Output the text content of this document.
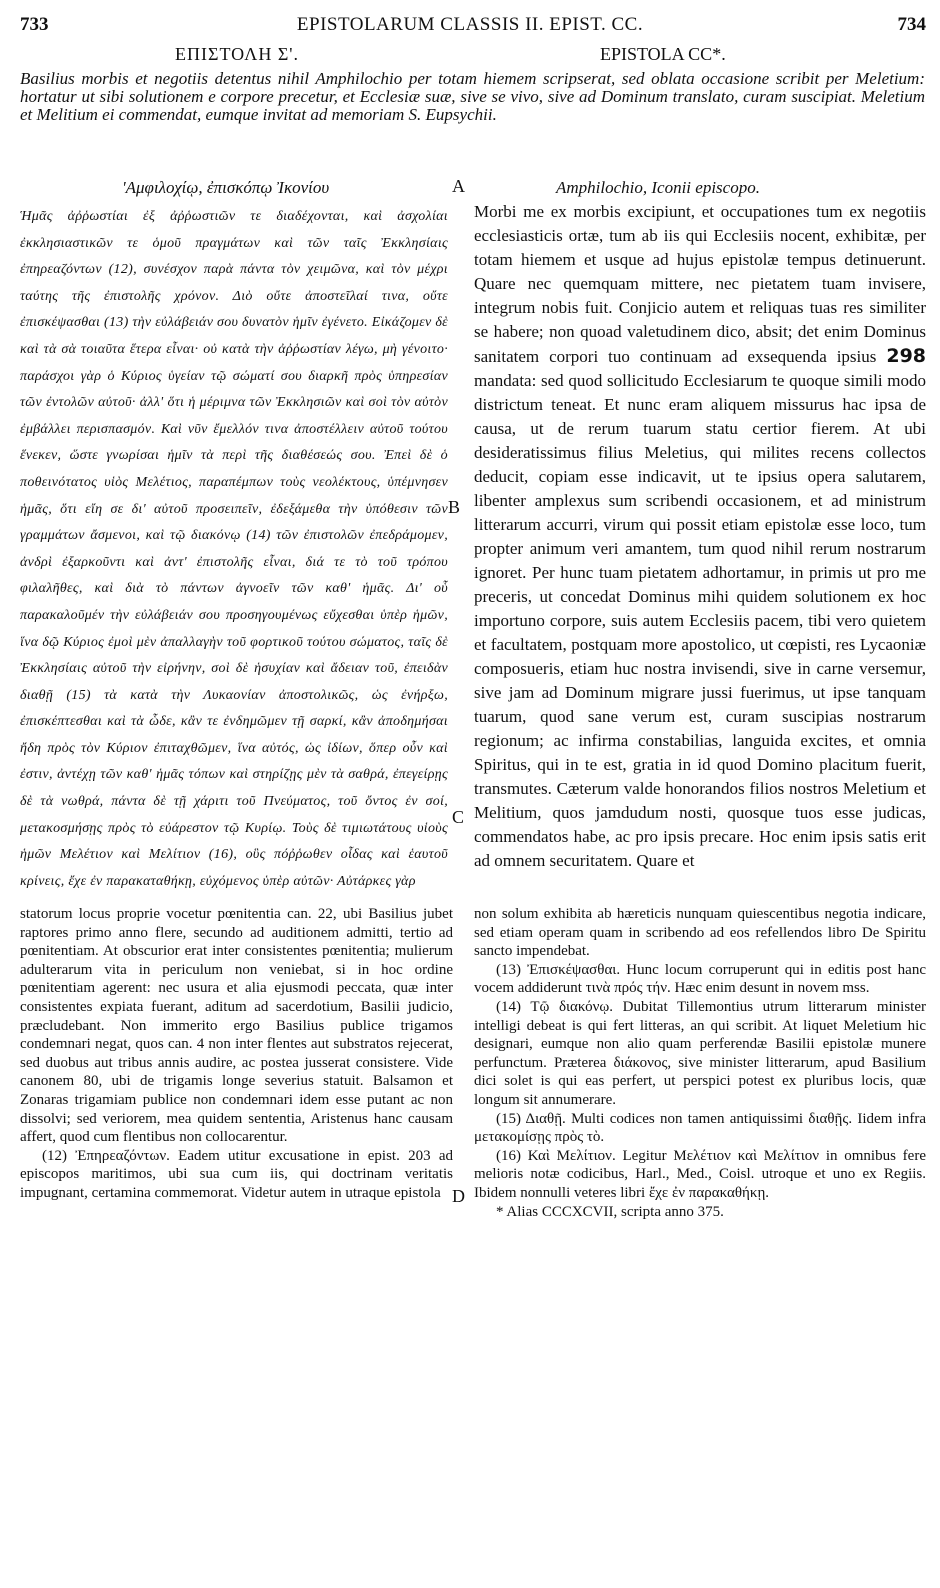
733	EPISTOLARUM CLASSIS II. EPIST. CC.	734
ΕΠΙΣΤΟΛΗ Σ'.	EPISTOLA CC*.
Basilius morbis et negotiis detentus nihil Amphilochio per totam hiemem scripserat, sed oblata occasione scribit per Meletium: hortatur ut sibi solutionem e corpore precetur, et Ecclesiæ suæ, sive se vivo, sive ad Dominum translato, curam suscipiat. Meletium et Melitium ei commendat, eumque invitat ad memoriam S. Eupsychii.
'Αμφιλοχίῳ, ἐπισκόπῳ Ἰκονίου	A	Amphilochio, Iconii episcopo.
Ἡμᾶς ἀῤῥωστίαι ἐξ ἀῤῥωστιῶν τε διαδέχονται, καὶ ἀσχολίαι ἐκκλησιαστικῶν τε ὁμοῦ πραγμάτων καὶ τῶν ταῖς Ἐκκλησίαις ἐπηρεαζόντων (12), συνέσχον παρὰ πάντα τὸν χειμῶνα, καὶ τὸν μέχρι ταύτης τῆς ἐπιστολῆς χρόνον. Διὸ οὔτε ἀποστεῖλαί τινα, οὔτε ἐπισκέψασθαι (13) τὴν εὐλάβειάν σου δυνατὸν ἡμῖν ἐγένετο. Εἰκάζομεν δὲ καὶ τὰ σὰ τοιαῦτα ἕτερα εἶναι· οὐ κατὰ τὴν ἀῤῥωστίαν λέγω, μὴ γένοιτο· παράσχοι γὰρ ὁ Κύριος ὑγείαν τῷ σώματί σου διαρκῆ πρὸς ὑπηρεσίαν τῶν ἐντολῶν αὐτοῦ· ἀλλ' ὅτι ἡ μέριμνα τῶν Ἐκκλησιῶν καὶ σοὶ τὸν αὐτὸν ἐμβάλλει περισπασμόν. Καὶ νῦν ἔμελλόν τινα ἀποστέλλειν αὐτοῦ τούτου ἕνεκεν, ὥστε γνωρίσαι ἡμῖν τὰ περὶ τῆς διαθέσεώς σου. Ἐπεὶ δὲ ὁ ποθεινότατος υἱὸς Μελέτιος, παραπέμπων τοὺς νεολέκτους, ὑπέμνησεν ἡμᾶς, ὅτι εἴη σε δι' αὐτοῦ προσειπεῖν, ἐδεξάμεθα τὴν ὑπόθεσιν τῶν γραμμάτων ἄσμενοι, καὶ τῷ διακόνῳ (14) τῶν ἐπιστολῶν ἐπεδράμομεν, ἀνδρὶ ἐξαρκοῦντι καὶ ἀντ' ἐπιστολῆς εἶναι, διά τε τὸ τοῦ τρόπου φιλαλῆθες, καὶ διὰ τὸ πάντων ἀγνοεῖν τῶν καθ' ἡμᾶς. Δι' οὗ παρακαλοῦμέν τὴν εὐλάβειάν σου προσηγουμένως εὔχεσθαι ὑπὲρ ἡμῶν, ἵνα δῷ Κύριος ἐμοὶ μὲν ἀπαλλαγὴν τοῦ φορτικοῦ τούτου σώματος, ταῖς δὲ Ἐκκλησίαις αὐτοῦ τὴν εἰρήνην, σοὶ δὲ ἡσυχίαν καὶ ἄδειαν τοῦ, ἐπειδὰν διαθῇ (15) τὰ κατὰ τὴν Λυκαονίαν ἀποστολικῶς, ὡς ἐνήρξω, ἐπισκέπτεσθαι καὶ τὰ ὧδε, κἂν τε ἐνδημῶμεν τῇ σαρκί, κἂν ἀποδημήσαι ἤδη πρὸς τὸν Κύριον ἐπιταχθῶμεν, ἵνα αὐτός, ὡς ἰδίων, ὅπερ οὖν καὶ ἐστιν, ἀντέχῃ τῶν καθ' ἡμᾶς τόπων καὶ στηρίζῃς μὲν τὰ σαθρά, ἐπεγείρῃς δὲ τὰ νωθρά, πάντα δὲ τῇ χάριτι τοῦ Πνεύματος, τοῦ ὄντος ἐν σοί, μετακοσμήσῃς πρὸς τὸ εὐάρεστον τῷ Κυρίῳ. Τοὺς δὲ τιμιωτάτους υἱοὺς ἡμῶν Μελέτιον καὶ Μελίτιον (16), οὓς πόῤῥωθεν οἶδας καὶ ἑαυτοῦ κρίνεις, ἔχε ἐν παρακαταθήκῃ, εὐχόμενος ὑπὲρ αὐτῶν· Αὐτάρκες γὰρ
B
C
D
Morbi me ex morbis excipiunt, et occupationes tum ex negotiis ecclesiasticis ortæ, tum ab iis qui Ecclesiis nocent, exhibitæ, per totam hiemem et usque ad hujus epistolæ tempus detinuerunt. Quare nec quemquam mittere, nec pietatem tuam invisere, integrum nobis fuit. Conjicio autem et reliquas tuas res similiter se habere; non quoad valetudinem dico, absit; det enim Dominus sanitatem corpori tuo continuam ad exsequenda ipsius 298 mandata: sed quod sollicitudo Ecclesiarum te quoque simili modo districtum teneat. Et nunc eram aliquem missurus hac ipsa de causa, ut de rerum tuarum statu certior fierem. At ubi desideratissimus filius Meletius, qui milites recens collectos deducit, copiam esse indicavit, ut te ipsius opera salutarem, libenter amplexus sum scribendi occasionem, et ad ministrum litterarum accurri, virum qui possit etiam epistolæ esse loco, tum propter animum veri amantem, tum quod nihil rerum nostrarum ignoret. Per hunc tuam pietatem adhortamur, in primis ut pro me preceris, ut concedat Dominus mihi quidem solutionem ex hoc importuno corpore, suis autem Ecclesiis pacem, tibi vero quietem et facultatem, postquam more apostolico, ut cœpisti, res Lycaoniæ composueris, etiam huc nostra invisendi, sive in carne versemur, sive jam ad Dominum migrare jussi fuerimus, ut ipse tanquam tuarum, quod sane verum est, curam suscipias nostrarum regionum; ac infirma constabilias, languida excites, et omnia Spiritus, qui in te est, gratia in id quod Domino placitum fuerit, transmutes. Cæterum valde honorandos filios nostros Meletium et Melitium, quos jamdudum nosti, quosque tuos esse judicas, commendatos habe, ac pro ipsis precare. Hoc enim ipsis satis erit ad omnem securitatem. Quare et

statorum locus proprie vocetur pœnitentia can. 22, ubi Basilius jubet raptores primo anno flere, secundo ad auditionem admitti, tertio ad pœnitentiam. At obscurior erat inter consistentes pœnitentia; mulierum adulterarum vita in periculum non veniebat, si in hoc ordine pœnitentiam agerent: nec usura et alia ejusmodi peccata, quæ inter consistentes expiata fuerant, aditum ad sacerdotium, Basilii judicio, præcludebant. Non immerito ergo Basilius publice trigamos condemnari negat, quos can. 4 non inter flentes aut substratos rejecerat, sed duobus aut tribus annis audire, ac postea jusserat consistere. Vide canonem 80, ubi de trigamis longe severius statuit. Balsamon et Zonaras trigamiam publice non condemnari idem esse putant ac non dissolvi; sed veriorem, mea quidem sententia, Aristenus hanc causam affert, quod cum flentibus non collocarentur.

(12) Ἐπηρεαζόντων. Eadem utitur excusatione in epist. 203 ad episcopos maritimos, ubi sua cum iis, qui doctrinam veritatis impugnant, certamina commemorat. Videtur autem in utraque epistola

non solum exhibita ab hæreticis nunquam quiescentibus negotia indicare, sed etiam operam quam in scribendo ad eos refellendos libro De Spiritu sancto impendebat.

(13) Ἐπισκέψασθαι. Hunc locum corruperunt qui in editis post hanc vocem addiderunt τινὰ πρός τήν. Hæc enim desunt in novem mss.

(14) Τῷ διακόνῳ. Dubitat Tillemontius utrum litterarum minister intelligi debeat is qui fert litteras, an qui scribit. At liquet Meletium hic designari, eumque non alio quam perferendæ Basilii epistolæ munere perfunctum. Præterea διάκονος, sive minister litterarum, apud Basilium dici solet is qui eas perfert, ut perspici potest ex pluribus locis, quæ longum sit annumerare.

(15) Διαθῇ. Multi codices non tamen antiquissimi διαθῇς. Iidem infra μετακομίσῃς πρὸς τὸ.

(16) Καὶ Μελίτιον. Legitur Μελέτιον καὶ Μελίτιον in omnibus fere melioris notæ codicibus, Harl., Med., Coisl. utroque et uno ex Regiis. Ibidem nonnulli veteres libri ἔχε ἐν παρακαθήκῃ.

* Alias CCCXCVII, scripta anno 375.
